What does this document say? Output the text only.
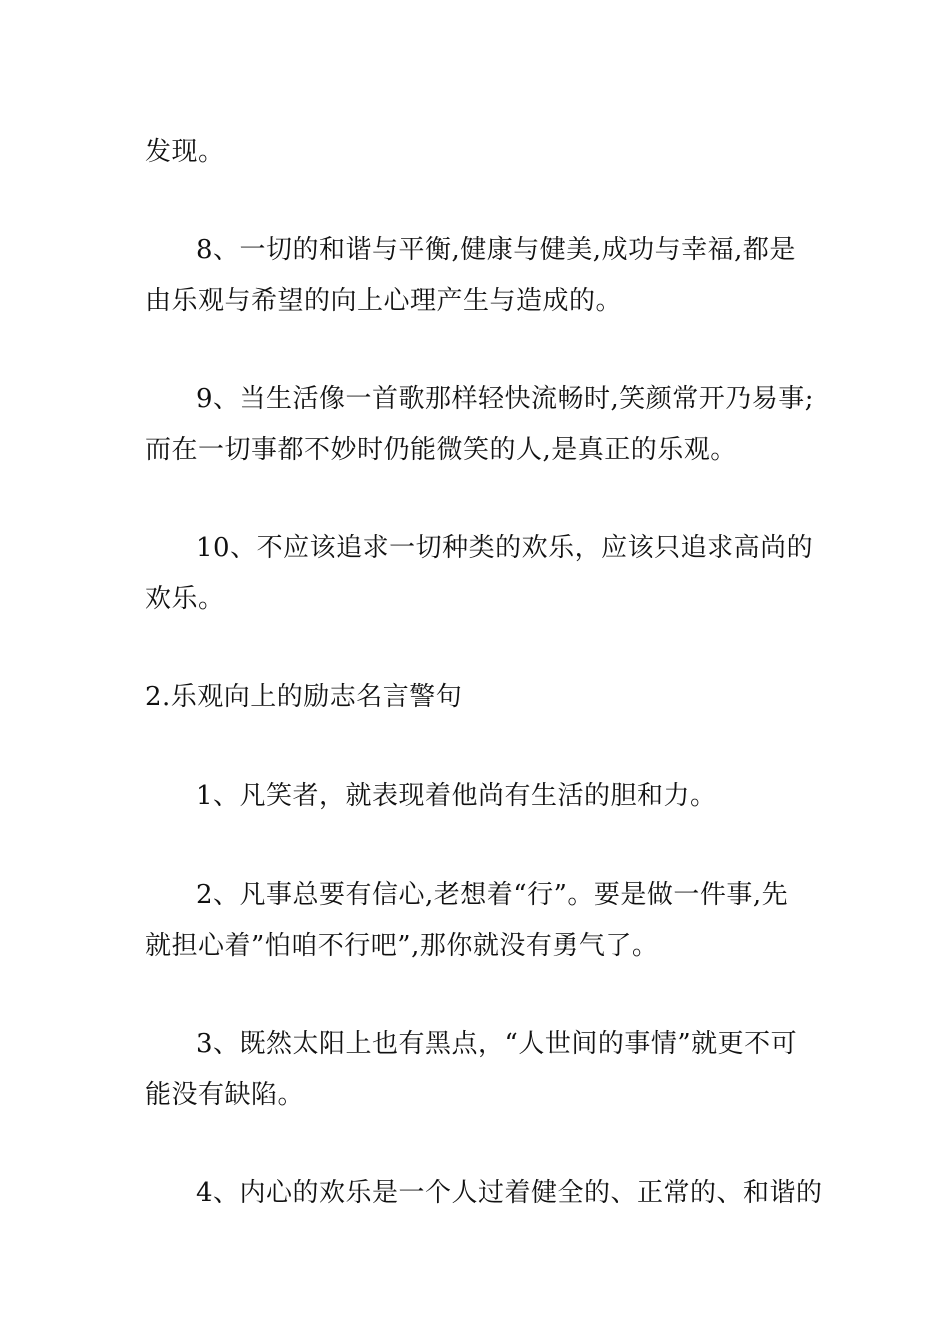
发现。
8、一切的和谐与平衡,健康与健美,成功与幸福,都是
由乐观与希望的向上心理产生与造成的。
9、当生活像一首歌那样轻快流畅时,笑颜常开乃易事;
而在一切事都不妙时仍能微笑的人,是真正的乐观。
10、不应该追求一切种类的欢乐，应该只追求高尚的
欢乐。
2.乐观向上的励志名言警句
1、凡笑者，就表现着他尚有生活的胆和力。
2、凡事总要有信心,老想着“行”。要是做一件事,先
就担心着”怕咱不行吧”,那你就没有勇气了。
3、既然太阳上也有黑点，“人世间的事情”就更不可
能没有缺陷。
4、内心的欢乐是一个人过着健全的、正常的、和谐的
